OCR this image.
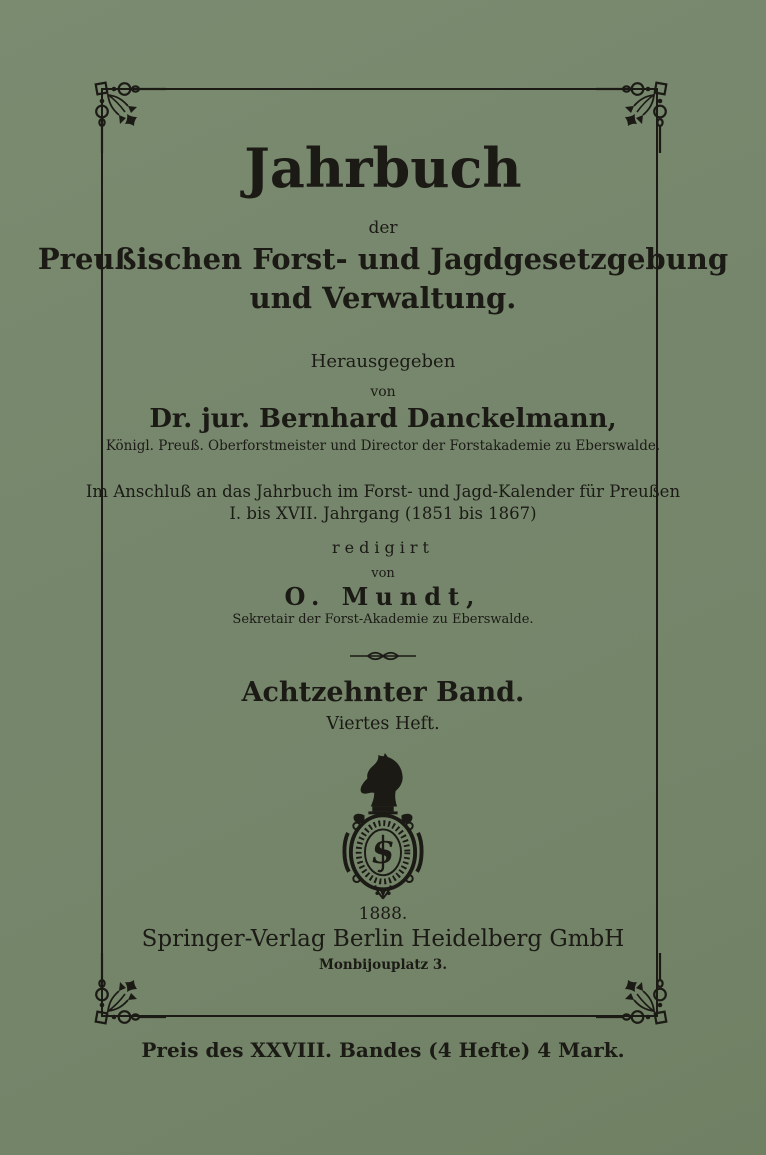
Jahrbuch
der
Preußischen Forst- und Jagdgesetzgebung
und Verwaltung.
Herausgegeben
von
Dr. jur. Bernhard Danckelmann,
Königl. Preuß. Oberforstmeister und Director der Forstakademie zu Eberswalde.
Im Anschluß an das Jahrbuch im Forst- und Jagd-Kalender für Preußen
I. bis XVII. Jahrgang (1851 bis 1867)
redigirt
von
O. Mundt,
Sekretair der Forst-Akademie zu Eberswalde.
Achtzehnter Band.
Viertes Heft.
S
1888.
Springer-Verlag Berlin Heidelberg GmbH
Monbijouplatz 3.
Preis des XXVIII. Bandes (4 Hefte) 4 Mark.
